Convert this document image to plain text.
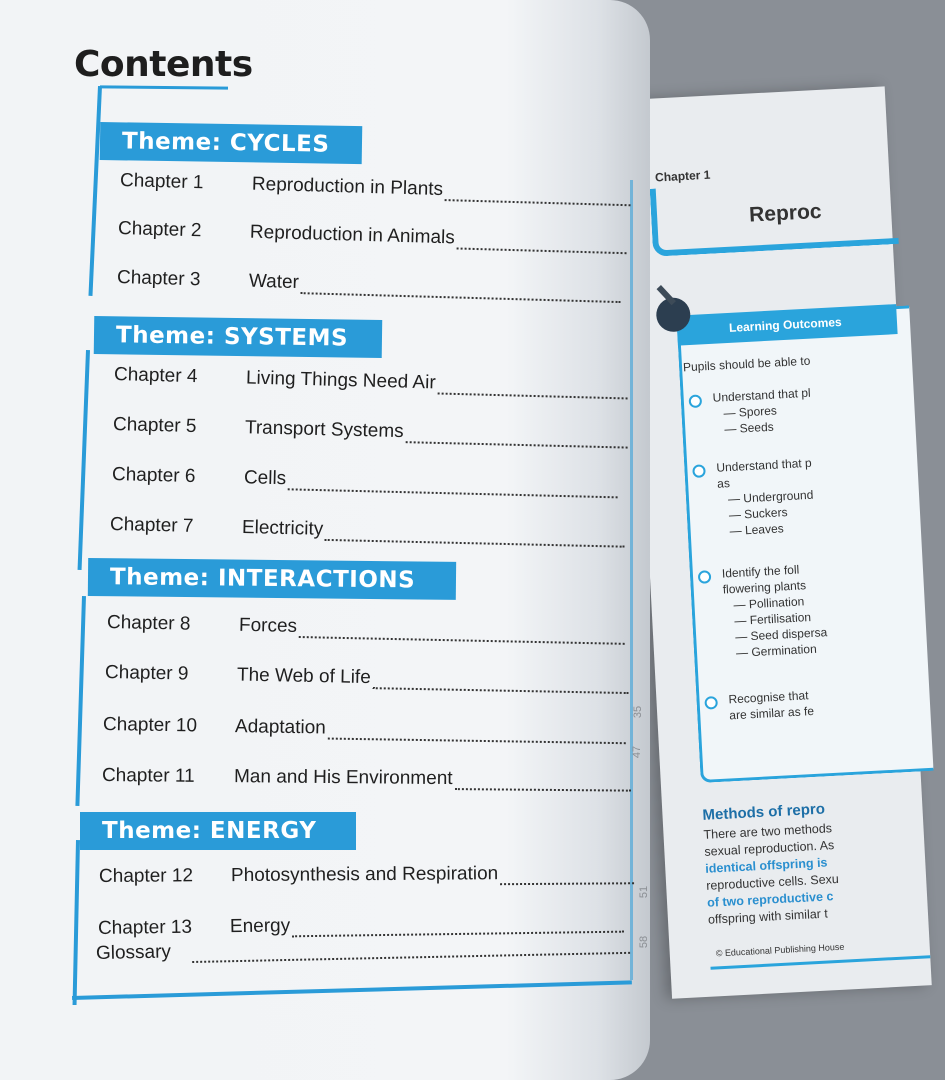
Chapter 1
Reproc
Learning Outcomes
Pupils should be able to
Understand that pl
— Spores
— Seeds
Understand that p
as
— Underground
— Suckers
— Leaves
Identify the foll
flowering plants
— Pollination
— Fertilisation
— Seed dispersa
— Germination
Recognise that
are similar as fe
Methods of repro
There are two methods
sexual reproduction. As
identical offspring is
reproductive cells. Sexu
of two reproductive c
offspring with similar t
© Educational Publishing House
Contents
Theme: CYCLES
Chapter 1	Reproduction in Plants
Chapter 2	Reproduction in Animals
Chapter 3	Water
Theme: SYSTEMS
Chapter 4	Living Things Need Air
Chapter 5	Transport Systems
Chapter 6	Cells
Chapter 7	Electricity
Theme: INTERACTIONS
Chapter 8	Forces
Chapter 9	The Web of Life
Chapter 10 Adaptation
Chapter 11 Man and His Environment
Theme: ENERGY
Chapter 12 Photosynthesis and Respiration
Chapter 13 Energy
Glossary
35
47
51
58
